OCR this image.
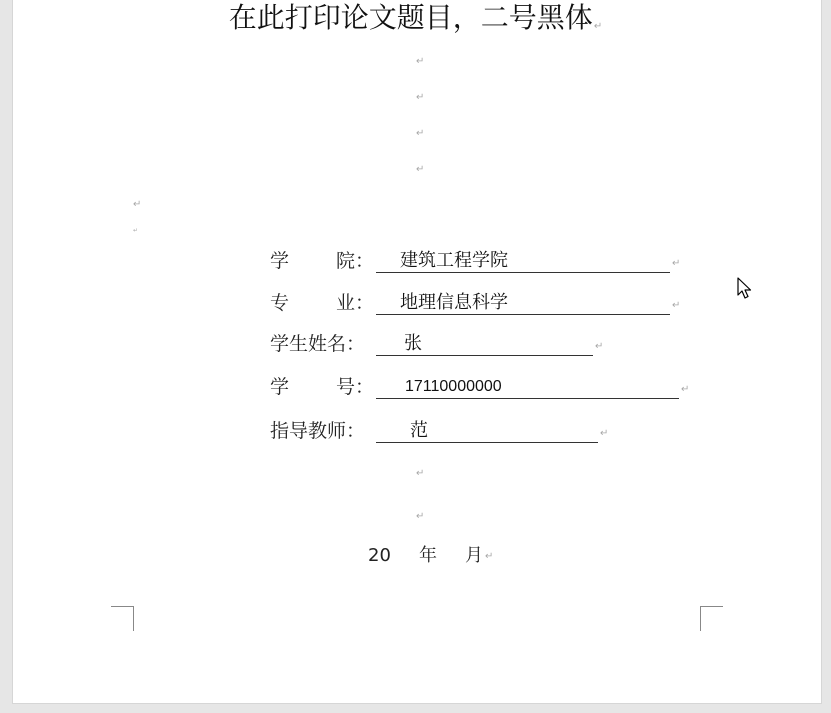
在此打印论文题目，二号黑体↵
↵
↵
↵
↵
↵
↵
学 院： 建筑工程学院	↵
专 业： 地理信息科学	↵
学生姓名： 张	↵
学 号： 17110000000	↵
指导教师： 范	↵
↵
↵
20 年 月 ↵
